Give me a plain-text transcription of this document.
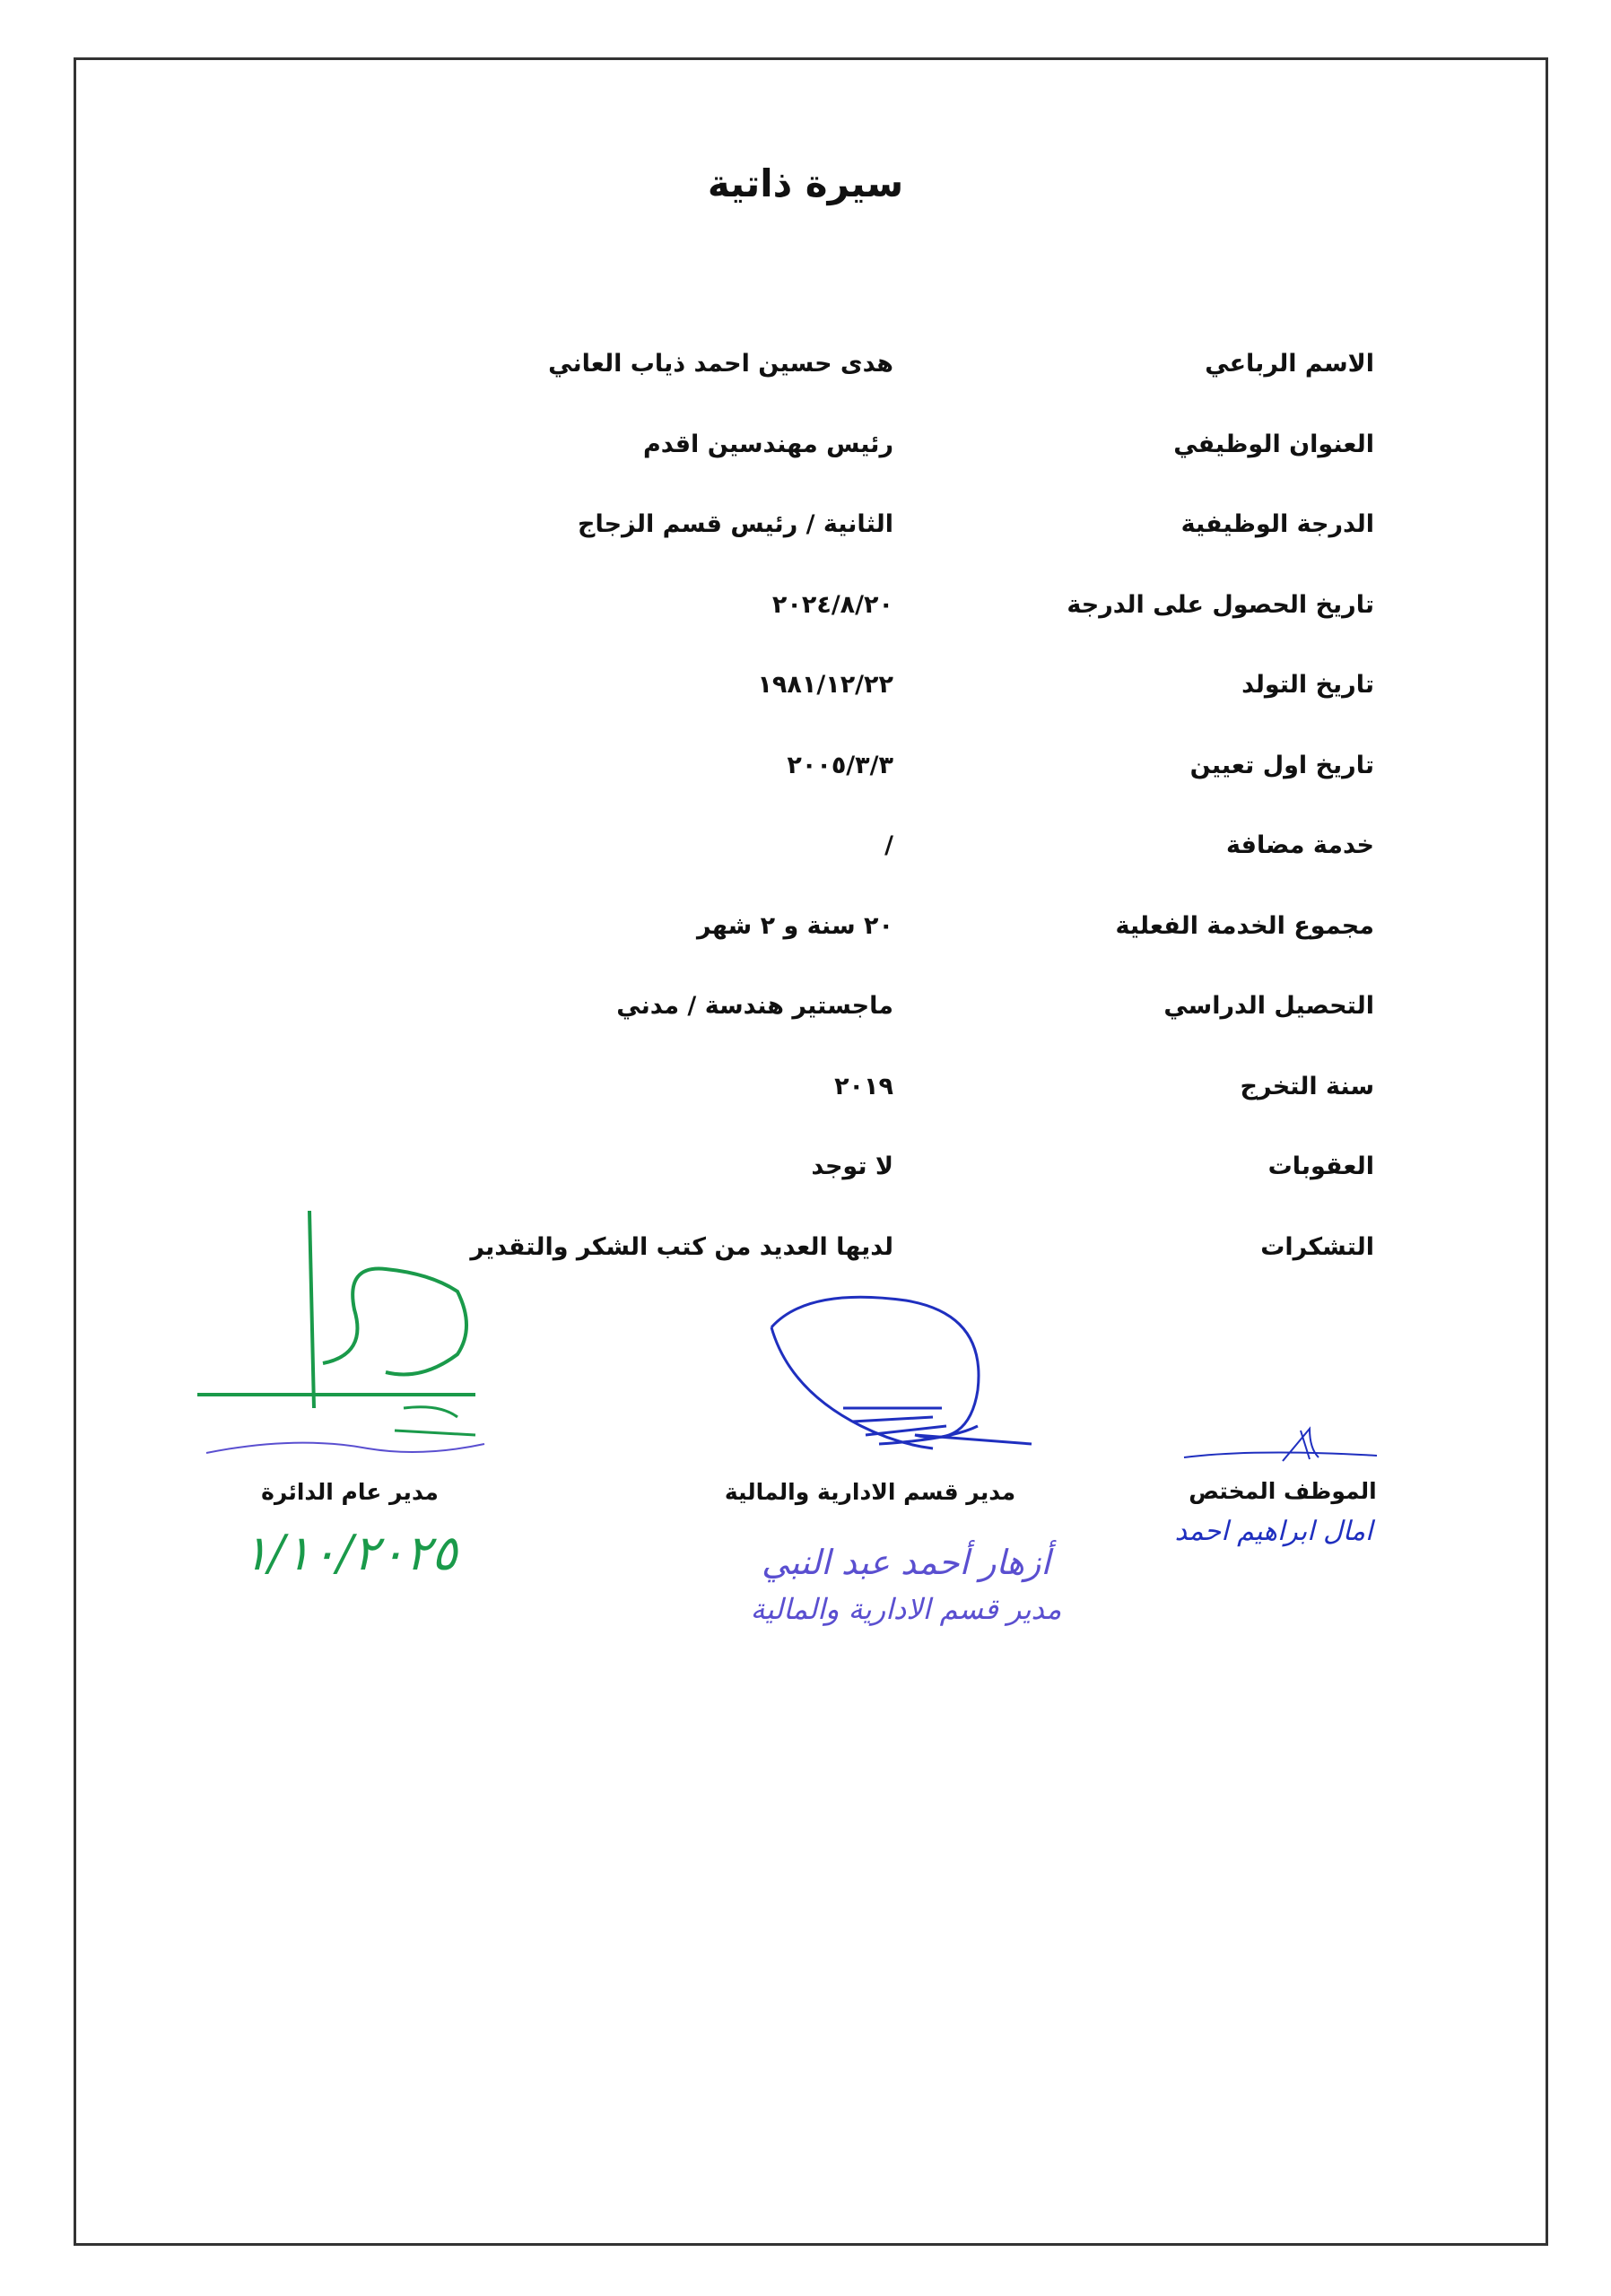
سيرة ذاتية
الاسم الرباعي
هدى حسين احمد ذياب العاني
العنوان الوظيفي
رئيس مهندسين اقدم
الدرجة الوظيفية
الثانية / رئيس قسم الزجاج
تاريخ الحصول على الدرجة
٢٠٢٤/٨/٢٠
تاريخ التولد
١٩٨١/١٢/٢٢
تاريخ اول تعيين
٢٠٠٥/٣/٣
خدمة مضافة
/
مجموع الخدمة الفعلية
٢٠ سنة و ٢ شهر
التحصيل الدراسي
ماجستير هندسة / مدني
سنة التخرج
٢٠١٩
العقوبات
لا توجد
التشكرات
لديها العديد من كتب الشكر والتقدير
الموظف المختص
امال ابراهيم احمد
مدير قسم الادارية والمالية
أزهار أحمد عبد النبي
مدير قسم الادارية والمالية
مدير عام الدائرة
١/١٠/٢٠٢٥
